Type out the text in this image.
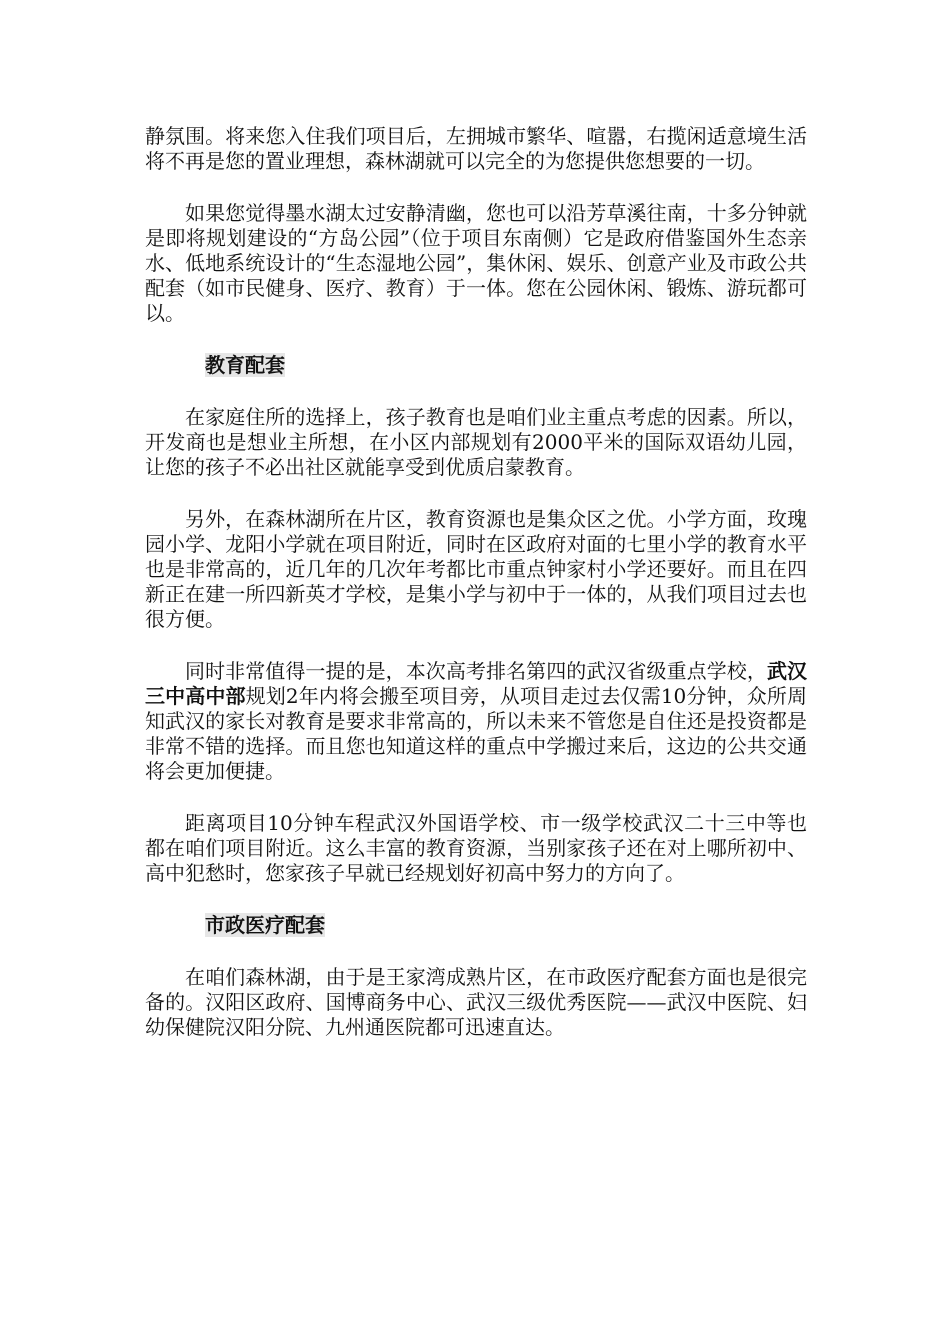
静氛围。将来您入住我们项目后，左拥城市繁华、喧嚣，右揽闲适意境生活将不再是您的置业理想，森林湖就可以完全的为您提供您想要的一切。

如果您觉得墨水湖太过安静清幽，您也可以沿芳草溪往南，十多分钟就是即将规划建设的“方岛公园”（位于项目东南侧）它是政府借鉴国外生态亲水、低地系统设计的“生态湿地公园”，集休闲、娱乐、创意产业及市政公共配套（如市民健身、医疗、教育）于一体。您在公园休闲、锻炼、游玩都可以。

教育配套

在家庭住所的选择上，孩子教育也是咱们业主重点考虑的因素。所以，开发商也是想业主所想，在小区内部规划有2000平米的国际双语幼儿园，让您的孩子不必出社区就能享受到优质启蒙教育。

另外，在森林湖所在片区，教育资源也是集众区之优。小学方面，玫瑰园小学、龙阳小学就在项目附近，同时在区政府对面的七里小学的教育水平也是非常高的，近几年的几次年考都比市重点钟家村小学还要好。而且在四新正在建一所四新英才学校，是集小学与初中于一体的，从我们项目过去也很方便。

同时非常值得一提的是，本次高考排名第四的武汉省级重点学校，武汉三中高中部规划2年内将会搬至项目旁，从项目走过去仅需10分钟，众所周知武汉的家长对教育是要求非常高的，所以未来不管您是自住还是投资都是非常不错的选择。而且您也知道这样的重点中学搬过来后，这边的公共交通将会更加便捷。

距离项目10分钟车程武汉外国语学校、市一级学校武汉二十三中等也都在咱们项目附近。这么丰富的教育资源，当别家孩子还在对上哪所初中、高中犯愁时，您家孩子早就已经规划好初高中努力的方向了。

市政医疗配套

在咱们森林湖，由于是王家湾成熟片区，在市政医疗配套方面也是很完备的。汉阳区政府、国博商务中心、武汉三级优秀医院——武汉中医院、妇幼保健院汉阳分院、九州通医院都可迅速直达。
